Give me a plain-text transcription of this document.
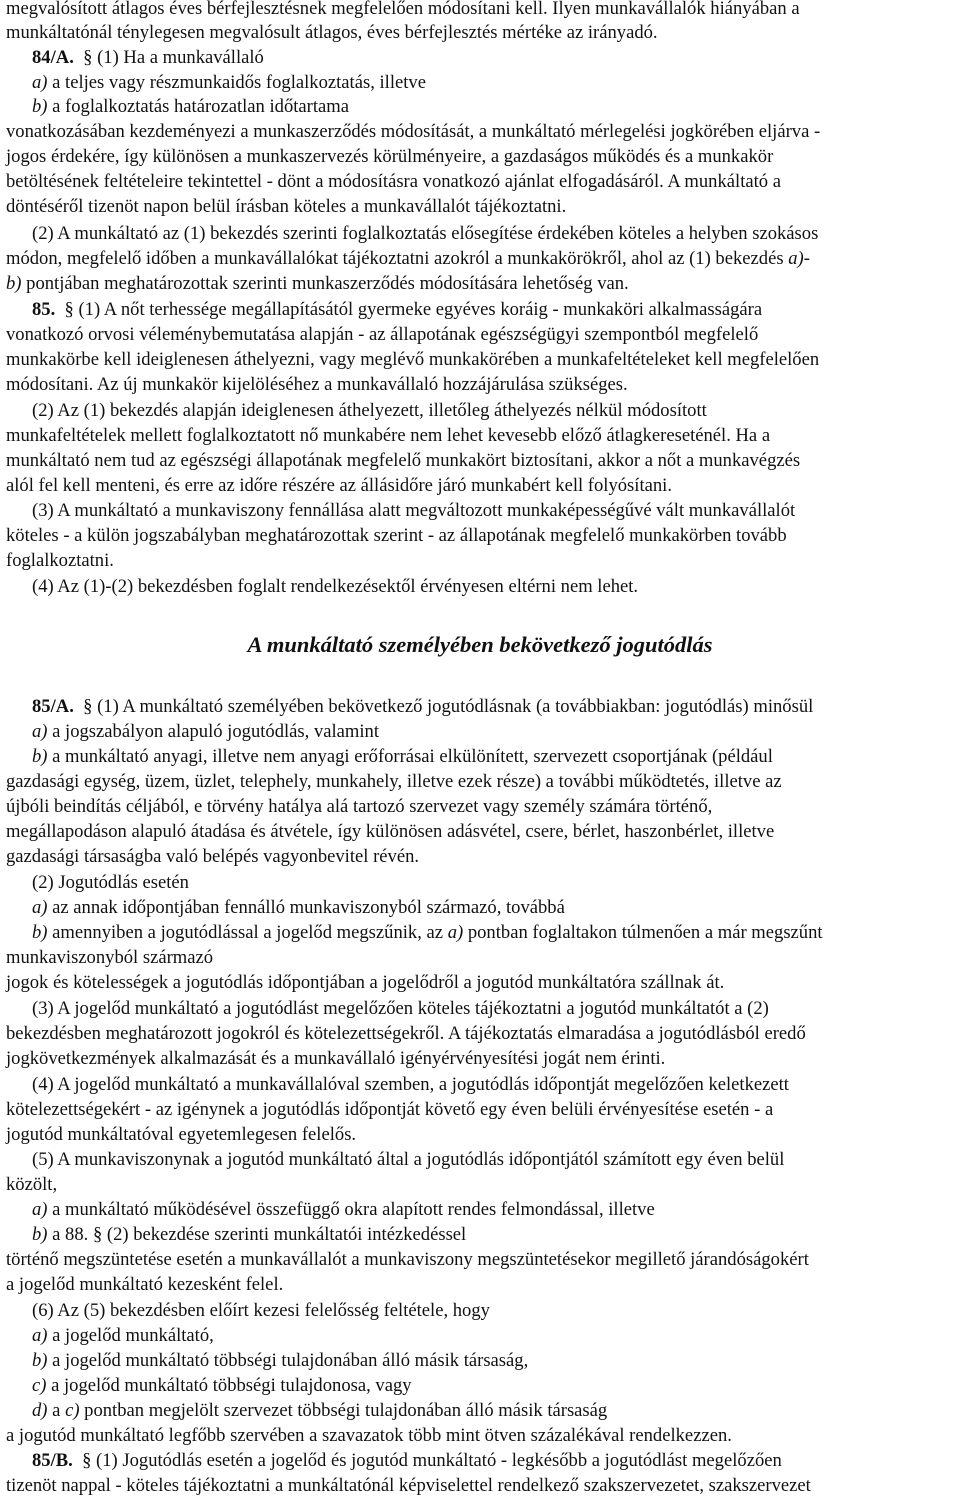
megvalósított átlagos éves bérfejlesztésnek megfelelően módosítani kell. Ilyen munkavállalók hiányában a
munkáltatónál ténylegesen megvalósult átlagos, éves bérfejlesztés mértéke az irányadó.
84/A.  § (1) Ha a munkavállaló
a) a teljes vagy részmunkaidős foglalkoztatás, illetve
b) a foglalkoztatás határozatlan időtartama
vonatkozásában kezdeményezi a munkaszerződés módosítását, a munkáltató mérlegelési jogkörében eljárva -
jogos érdekére, így különösen a munkaszervezés körülményeire, a gazdaságos működés és a munkakör
betöltésének feltételeire tekintettel - dönt a módosításra vonatkozó ajánlat elfogadásáról. A munkáltató a
döntéséről tizenöt napon belül írásban köteles a munkavállalót tájékoztatni.
(2) A munkáltató az (1) bekezdés szerinti foglalkoztatás elősegítése érdekében köteles a helyben szokásos
módon, megfelelő időben a munkavállalókat tájékoztatni azokról a munkakörökről, ahol az (1) bekezdés a)-
b) pontjában meghatározottak szerinti munkaszerződés módosítására lehetőség van.
85.  § (1) A nőt terhessége megállapításától gyermeke egyéves koráig - munkaköri alkalmasságára
vonatkozó orvosi véleménybemutatása alapján - az állapotának egészségügyi szempontból megfelelő
munkakörbe kell ideiglenesen áthelyezni, vagy meglévő munkakörében a munkafeltételeket kell megfelelően
módosítani. Az új munkakör kijelöléséhez a munkavállaló hozzájárulása szükséges.
(2) Az (1) bekezdés alapján ideiglenesen áthelyezett, illetőleg áthelyezés nélkül módosított
munkafeltételek mellett foglalkoztatott nő munkabére nem lehet kevesebb előző átlagkereseténél. Ha a
munkáltató nem tud az egészségi állapotának megfelelő munkakört biztosítani, akkor a nőt a munkavégzés
alól fel kell menteni, és erre az időre részére az állásidőre járó munkabért kell folyósítani.
(3) A munkáltató a munkaviszony fennállása alatt megváltozott munkaképességűvé vált munkavállalót
köteles - a külön jogszabályban meghatározottak szerint - az állapotának megfelelő munkakörben tovább
foglalkoztatni.
(4) Az (1)-(2) bekezdésben foglalt rendelkezésektől érvényesen eltérni nem lehet.
A munkáltató személyében bekövetkező jogutódlás
85/A.  § (1) A munkáltató személyében bekövetkező jogutódlásnak (a továbbiakban: jogutódlás) minősül
a) a jogszabályon alapuló jogutódlás, valamint
b) a munkáltató anyagi, illetve nem anyagi erőforrásai elkülönített, szervezett csoportjának (például
gazdasági egység, üzem, üzlet, telephely, munkahely, illetve ezek része) a további működtetés, illetve az
újbóli beindítás céljából, e törvény hatálya alá tartozó szervezet vagy személy számára történő,
megállapodáson alapuló átadása és átvétele, így különösen adásvétel, csere, bérlet, haszonbérlet, illetve
gazdasági társaságba való belépés vagyonbevitel révén.
(2) Jogutódlás esetén
a) az annak időpontjában fennálló munkaviszonyból származó, továbbá
b) amennyiben a jogutódlással a jogelőd megszűnik, az a) pontban foglaltakon túlmenően a már megszűnt
munkaviszonyból származó
jogok és kötelességek a jogutódlás időpontjában a jogelődről a jogutód munkáltatóra szállnak át.
(3) A jogelőd munkáltató a jogutódlást megelőzően köteles tájékoztatni a jogutód munkáltatót a (2)
bekezdésben meghatározott jogokról és kötelezettségekről. A tájékoztatás elmaradása a jogutódlásból eredő
jogkövetkezmények alkalmazását és a munkavállaló igényérvényesítési jogát nem érinti.
(4) A jogelőd munkáltató a munkavállalóval szemben, a jogutódlás időpontját megelőzően keletkezett
kötelezettségekért - az igénynek a jogutódlás időpontját követő egy éven belüli érvényesítése esetén - a
jogutód munkáltatóval egyetemlegesen felelős.
(5) A munkaviszonynak a jogutód munkáltató által a jogutódlás időpontjától számított egy éven belül
közölt,
a) a munkáltató működésével összefüggő okra alapított rendes felmondással, illetve
b) a 88. § (2) bekezdése szerinti munkáltatói intézkedéssel
történő megszüntetése esetén a munkavállalót a munkaviszony megszüntetésekor megillető járandóságokért
a jogelőd munkáltató kezesként felel.
(6) Az (5) bekezdésben előírt kezesi felelősség feltétele, hogy
a) a jogelőd munkáltató,
b) a jogelőd munkáltató többségi tulajdonában álló másik társaság,
c) a jogelőd munkáltató többségi tulajdonosa, vagy
d) a c) pontban megjelölt szervezet többségi tulajdonában álló másik társaság
a jogutód munkáltató legfőbb szervében a szavazatok több mint ötven százalékával rendelkezzen.
85/B.  § (1) Jogutódlás esetén a jogelőd és jogutód munkáltató - legkésőbb a jogutódlást megelőzően
tizenöt nappal - köteles tájékoztatni a munkáltatónál képviselettel rendelkező szakszervezetet, szakszervezet
